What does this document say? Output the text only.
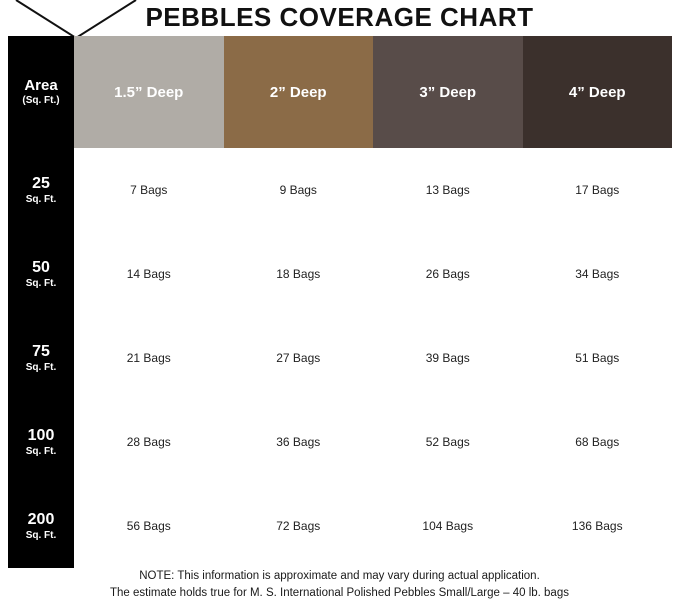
PEBBLES COVERAGE CHART
Area
(Sq. Ft.)	1.5” Deep	2” Deep	3” Deep	4” Deep

25
Sq. Ft.	7 Bags	9 Bags	13 Bags	17 Bags

50
Sq. Ft.	14 Bags	18 Bags	26 Bags	34 Bags

75
Sq. Ft.	21 Bags	27 Bags	39 Bags	51 Bags

100
Sq. Ft.	28 Bags	36 Bags	52 Bags	68 Bags

200
Sq. Ft.	56 Bags	72 Bags	104 Bags	136 Bags
NOTE: This information is approximate and may vary during actual application.
The estimate holds true for M. S. International Polished Pebbles Small/Large – 40 lb. bags
